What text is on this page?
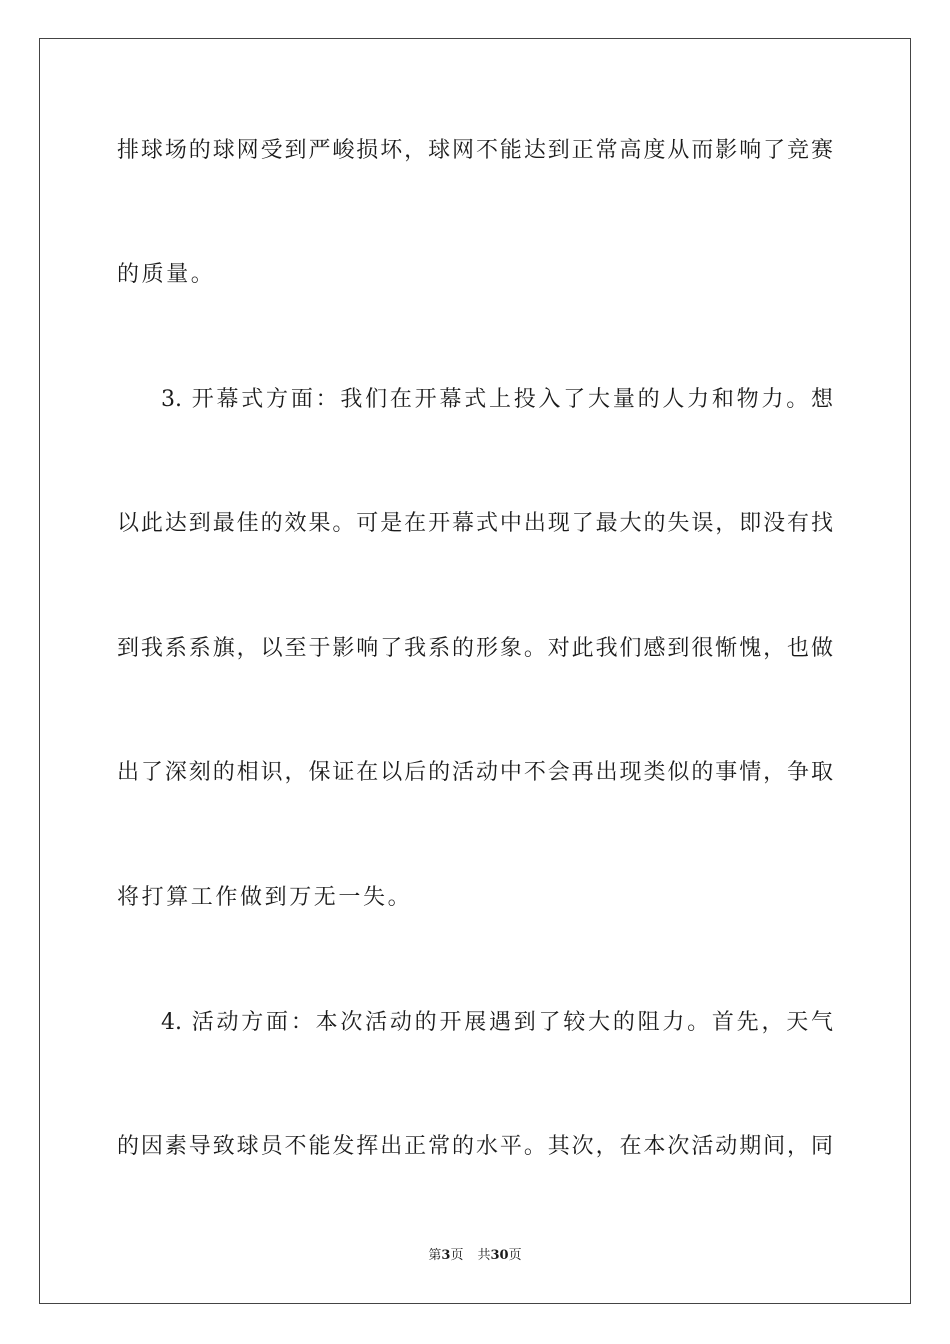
排球场的球网受到严峻损坏，球网不能达到正常高度从而影响了竞赛
的质量。
3. 开幕式方面：我们在开幕式上投入了大量的人力和物力。想
以此达到最佳的效果。可是在开幕式中出现了最大的失误，即没有找
到我系系旗，以至于影响了我系的形象。对此我们感到很惭愧，也做
出了深刻的相识，保证在以后的活动中不会再出现类似的事情，争取
将打算工作做到万无一失。
4. 活动方面：本次活动的开展遇到了较大的阻力。首先，天气
的因素导致球员不能发挥出正常的水平。其次，在本次活动期间，同
第3页 共30页
